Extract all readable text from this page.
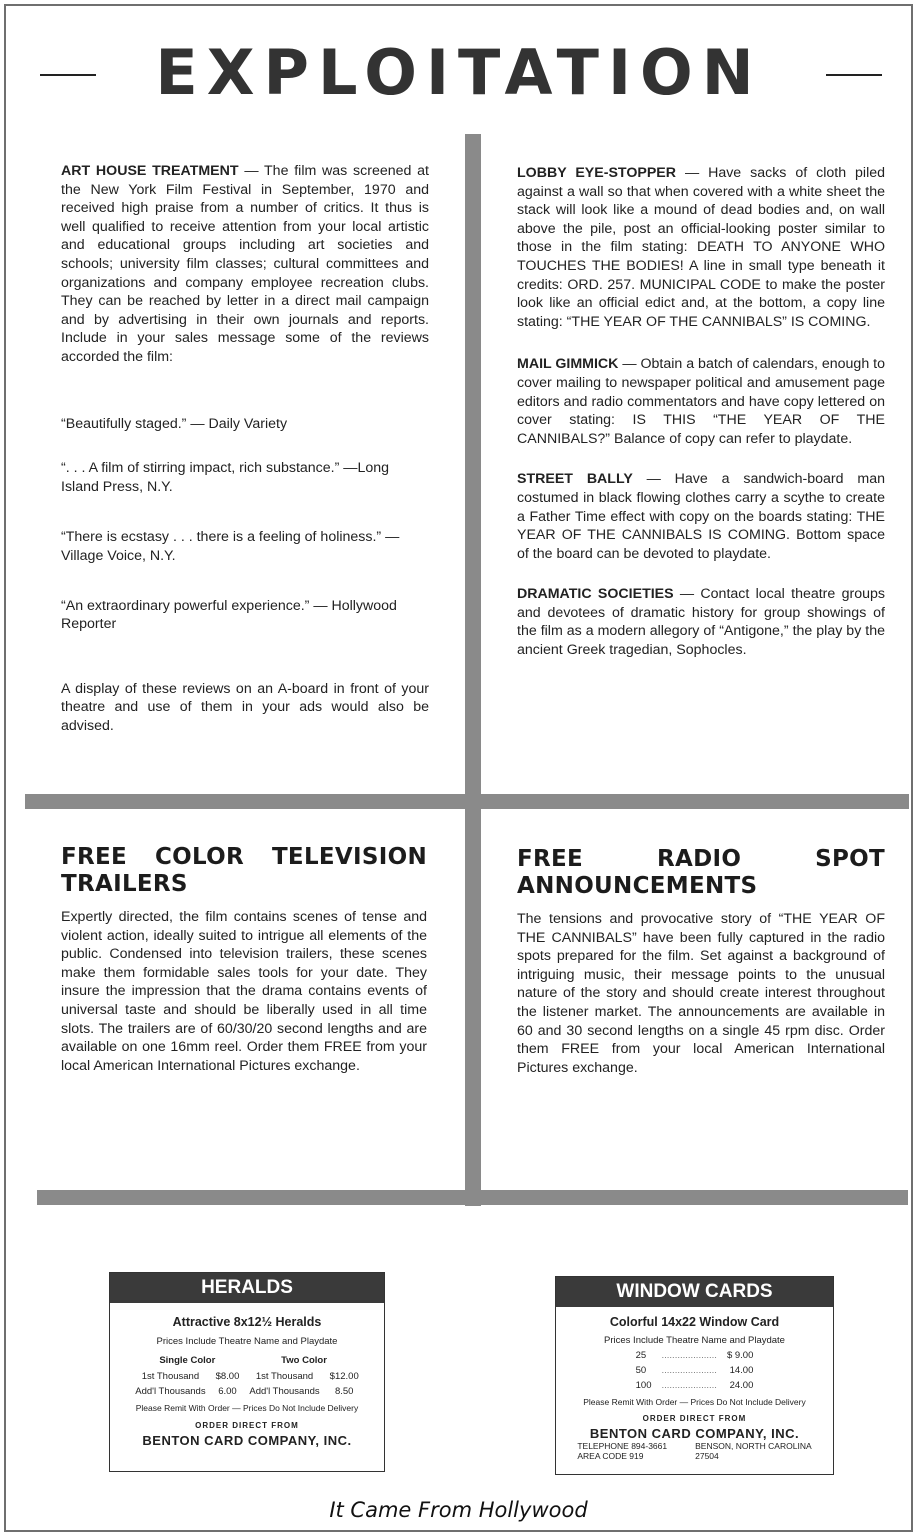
EXPLOITATION

ART HOUSE TREATMENT — The film was screened at the New York Film Festival in September, 1970 and received high praise from a number of critics. It thus is well qualified to receive attention from your local artistic and educational groups including art societies and schools; university film classes; cultural committees and organizations and company employee recreation clubs. They can be reached by letter in a direct mail campaign and by advertising in their own journals and reports. Include in your sales message some of the reviews accorded the film:

“Beautifully staged.” — Daily Variety

“. . . A film of stirring impact, rich substance.” —Long Island Press, N.Y.

“There is ecstasy . . . there is a feeling of holiness.” — Village Voice, N.Y.

“An extraordinary powerful experience.” — Hollywood Reporter

A display of these reviews on an A-board in front of your theatre and use of them in your ads would also be advised.

LOBBY EYE-STOPPER — Have sacks of cloth piled against a wall so that when covered with a white sheet the stack will look like a mound of dead bodies and, on wall above the pile, post an official-looking poster similar to those in the film stating: DEATH TO ANYONE WHO TOUCHES THE BODIES! A line in small type beneath it credits: ORD. 257. MUNICIPAL CODE to make the poster look like an official edict and, at the bottom, a copy line stating: “THE YEAR OF THE CANNIBALS” IS COMING.

MAIL GIMMICK — Obtain a batch of calendars, enough to cover mailing to newspaper political and amusement page editors and radio commentators and have copy lettered on cover stating: IS THIS “THE YEAR OF THE CANNIBALS?” Balance of copy can refer to playdate.

STREET BALLY — Have a sandwich-board man costumed in black flowing clothes carry a scythe to create a Father Time effect with copy on the boards stating: THE YEAR OF THE CANNIBALS IS COMING. Bottom space of the board can be devoted to playdate.

DRAMATIC SOCIETIES — Contact local theatre groups and devotees of dramatic history for group showings of the film as a modern allegory of “Antigone,” the play by the ancient Greek tragedian, Sophocles.

FREE COLOR TELEVISION TRAILERS

Expertly directed, the film contains scenes of tense and violent action, ideally suited to intrigue all elements of the public. Condensed into television trailers, these scenes make them formidable sales tools for your date. They insure the impression that the drama contains events of universal taste and should be liberally used in all time slots. The trailers are of 60/30/20 second lengths and are available on one 16mm reel. Order them FREE from your local American International Pictures exchange.

FREE RADIO SPOT ANNOUNCEMENTS

The tensions and provocative story of “THE YEAR OF THE CANNIBALS” have been fully captured in the radio spots prepared for the film. Set against a background of intriguing music, their message points to the unusual nature of the story and should create interest throughout the listener market. The announcements are available in 60 and 30 second lengths on a single 45 rpm disc. Order them FREE from your local American International Pictures exchange.

HERALDS
Attractive 8x12½ Heralds
Prices Include Theatre Name and Playdate
Single Color		Two Color	
1st Thousand	$8.00	1st Thousand	$12.00
Add'l Thousands	6.00	Add'l Thousands	8.50
Please Remit With Order — Prices Do Not Include Delivery
ORDER DIRECT FROM
BENTON CARD COMPANY, INC.
WINDOW CARDS
Colorful 14x22 Window Card
Prices Include Theatre Name and Playdate
25	.....................	$ 9.00
50	.....................	14.00
100	.....................	24.00
Please Remit With Order — Prices Do Not Include Delivery
ORDER DIRECT FROM
BENTON CARD COMPANY, INC.
TELEPHONE 894-3661
AREA CODE 919
BENSON, NORTH CAROLINA
27504
It Came From Hollywood
